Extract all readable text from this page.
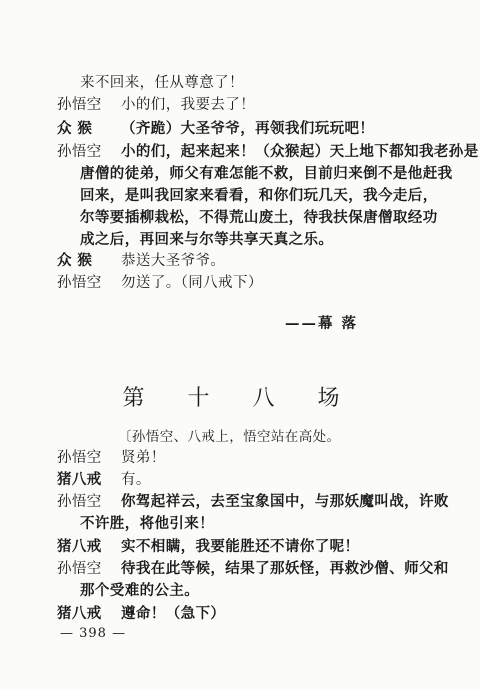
来不回来，任从尊意了！
孙悟空 小的们，我要去了！
众 猴 （齐跪）大圣爷爷，再领我们玩玩吧！
孙悟空 小的们，起来起来！（众猴起）天上地下都知我老孙是
唐僧的徒弟，师父有难怎能不救，目前归来倒不是他赶我
回来，是叫我回家来看看，和你们玩几天，我今走后，
尔等要插柳栽松，不得荒山废土，待我扶保唐僧取经功
成之后，再回来与尔等共享天真之乐。
众 猴 恭送大圣爷爷。
孙悟空 勿送了。（同八戒下）
——幕 落
第 十 八 场
〔孙悟空、八戒上，悟空站在高处。
孙悟空 贤弟！
猪八戒 有。
孙悟空 你驾起祥云，去至宝象国中，与那妖魔叫战，许败
不许胜，将他引来！
猪八戒 实不相瞒，我要能胜还不请你了呢！
孙悟空 待我在此等候，结果了那妖怪，再救沙僧、师父和
那个受难的公主。
猪八戒 遵命！（急下）
— 398 —
